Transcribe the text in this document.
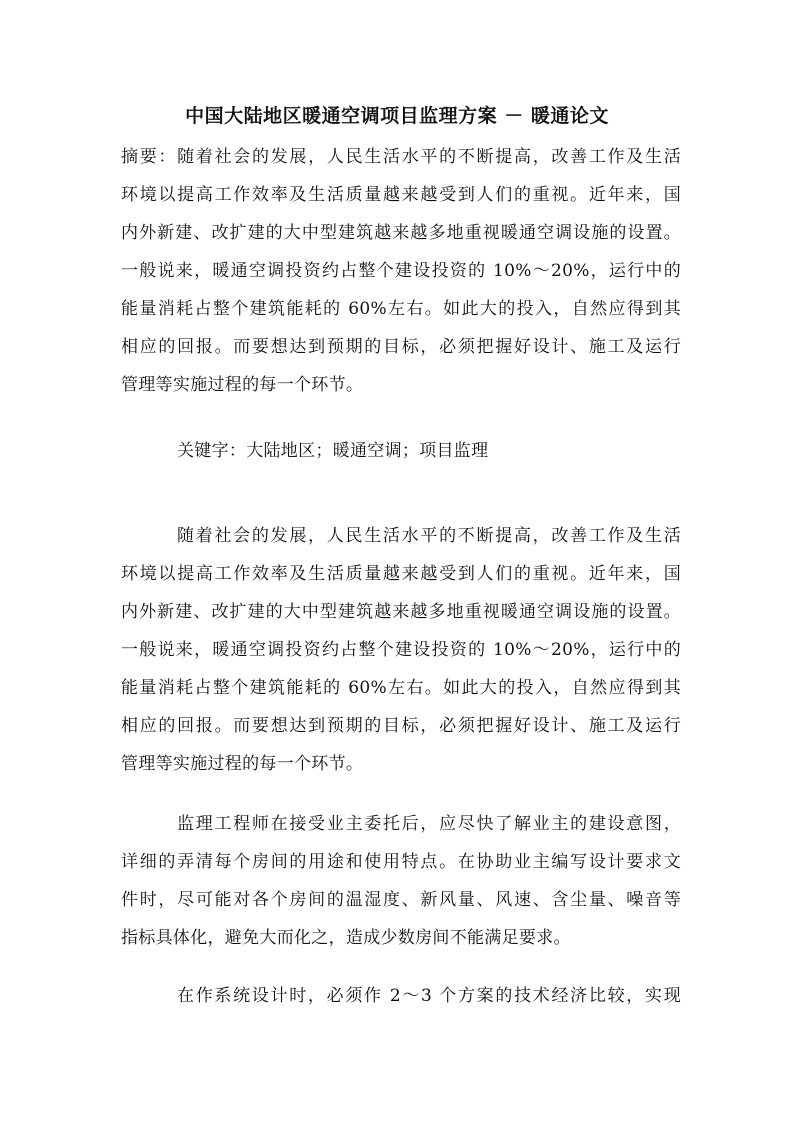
中国大陆地区暖通空调项目监理方案 － 暖通论文
摘要：随着社会的发展，人民生活水平的不断提高，改善工作及生活
环境以提高工作效率及生活质量越来越受到人们的重视。近年来，国
内外新建、改扩建的大中型建筑越来越多地重视暖通空调设施的设置。
一般说来，暖通空调投资约占整个建设投资的 10%～20%，运行中的
能量消耗占整个建筑能耗的 60%左右。如此大的投入，自然应得到其
相应的回报。而要想达到预期的目标，必须把握好设计、施工及运行
管理等实施过程的每一个环节。
关键字：大陆地区；暖通空调；项目监理
随着社会的发展，人民生活水平的不断提高，改善工作及生活
环境以提高工作效率及生活质量越来越受到人们的重视。近年来，国
内外新建、改扩建的大中型建筑越来越多地重视暖通空调设施的设置。
一般说来，暖通空调投资约占整个建设投资的 10%～20%，运行中的
能量消耗占整个建筑能耗的 60%左右。如此大的投入，自然应得到其
相应的回报。而要想达到预期的目标，必须把握好设计、施工及运行
管理等实施过程的每一个环节。
监理工程师在接受业主委托后，应尽快了解业主的建设意图，
详细的弄清每个房间的用途和使用特点。在协助业主编写设计要求文
件时，尽可能对各个房间的温湿度、新风量、风速、含尘量、噪音等
指标具体化，避免大而化之，造成少数房间不能满足要求。
在作系统设计时，必须作 2～3 个方案的技术经济比较，实现
